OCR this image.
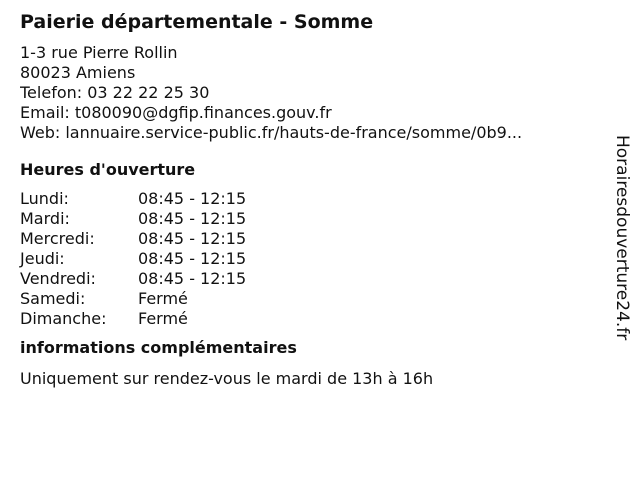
Paierie départementale - Somme
1-3 rue Pierre Rollin
80023 Amiens
Telefon: 03 22 22 25 30
Email: t080090@dgfip.finances.gouv.fr
Web: lannuaire.service-public.fr/hauts-de-france/somme/0b9...
Heures d'ouverture
Lundi:	08:45 - 12:15
Mardi:	08:45 - 12:15
Mercredi:	08:45 - 12:15
Jeudi:	08:45 - 12:15
Vendredi:	08:45 - 12:15
Samedi:	Fermé
Dimanche:	Fermé
informations complémentaires
Uniquement sur rendez-vous le mardi de 13h à 16h
Horairesdouverture24.fr
